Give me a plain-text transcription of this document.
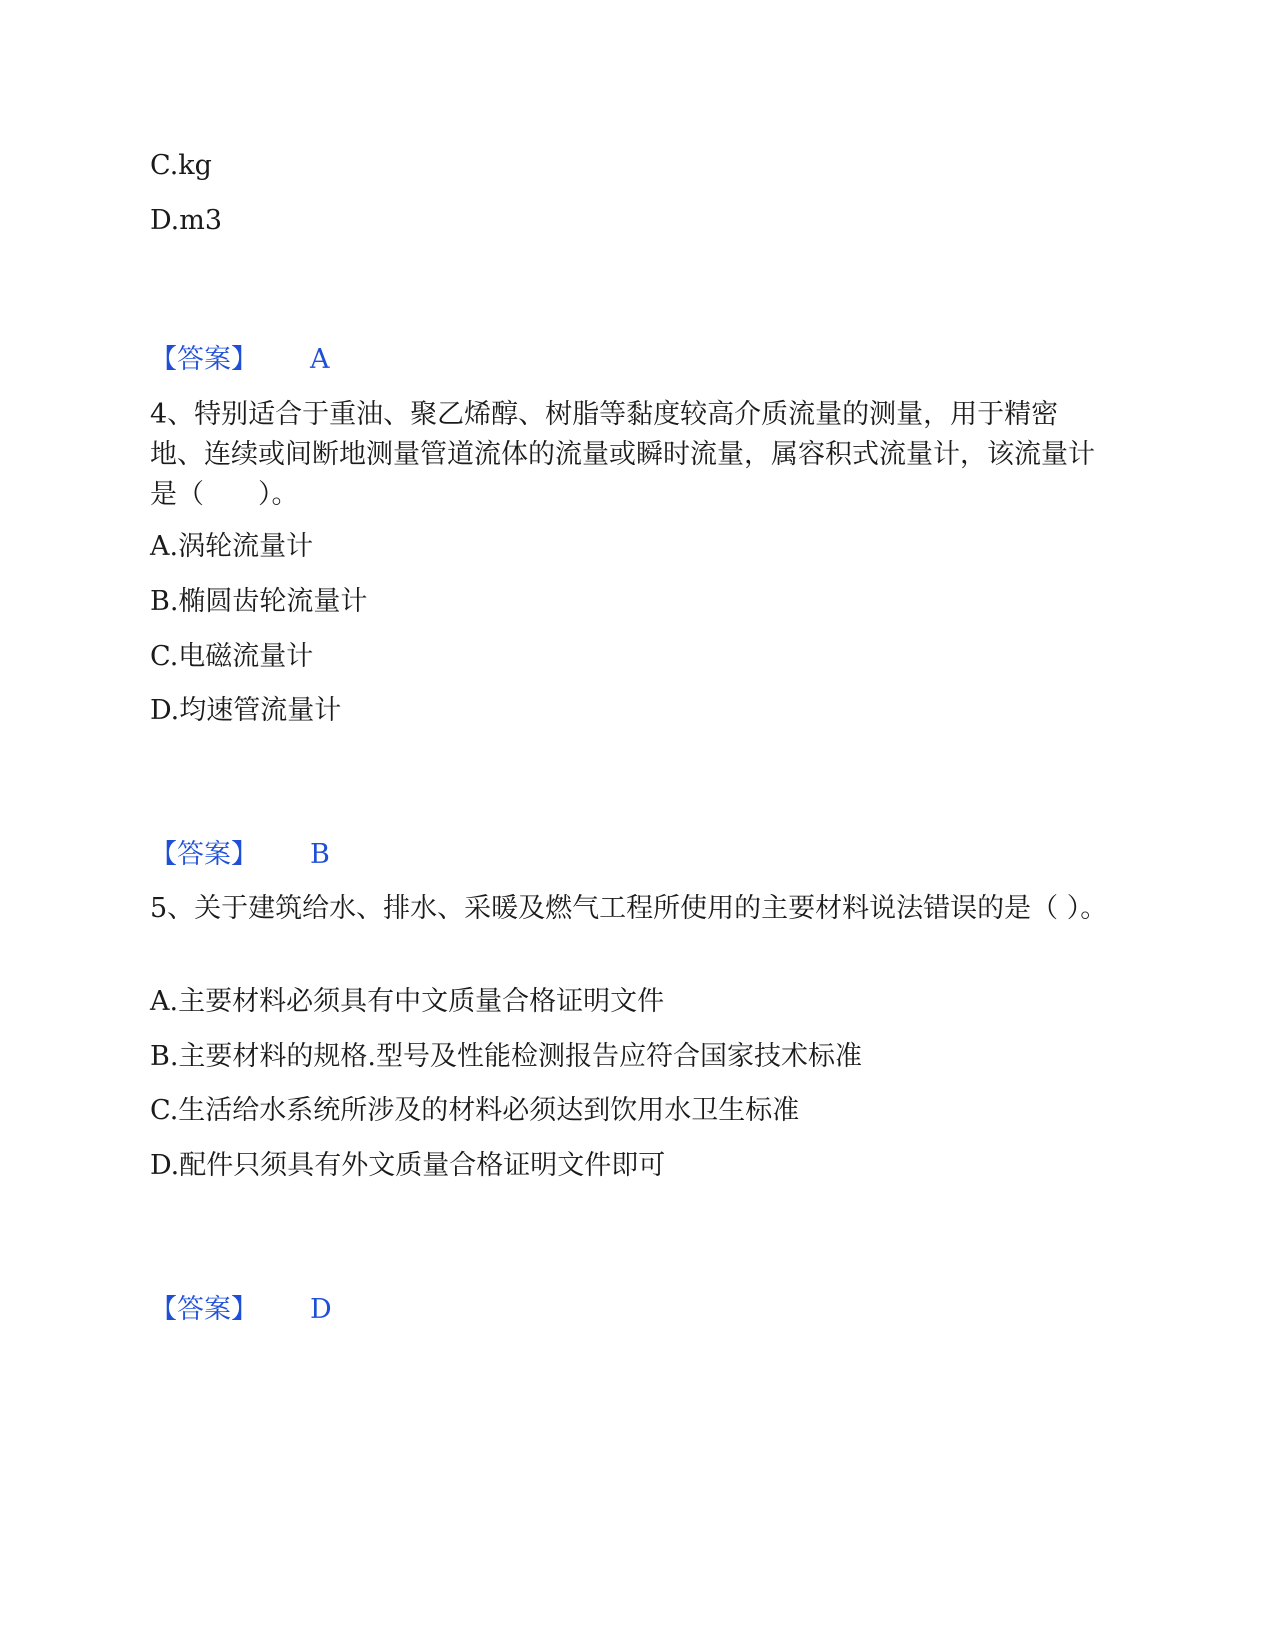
C.kg

D.m3

【答案】 A

4、特别适合于重油、聚乙烯醇、树脂等黏度较高介质流量的测量，用于精密地、连续或间断地测量管道流体的流量或瞬时流量，属容积式流量计，该流量计是（　　）。

A.涡轮流量计

B.椭圆齿轮流量计

C.电磁流量计

D.均速管流量计

【答案】 B

5、关于建筑给水、排水、采暖及燃气工程所使用的主要材料说法错误的是（ ）。

A.主要材料必须具有中文质量合格证明文件

B.主要材料的规格.型号及性能检测报告应符合国家技术标准

C.生活给水系统所涉及的材料必须达到饮用水卫生标准

D.配件只须具有外文质量合格证明文件即可

【答案】 D
